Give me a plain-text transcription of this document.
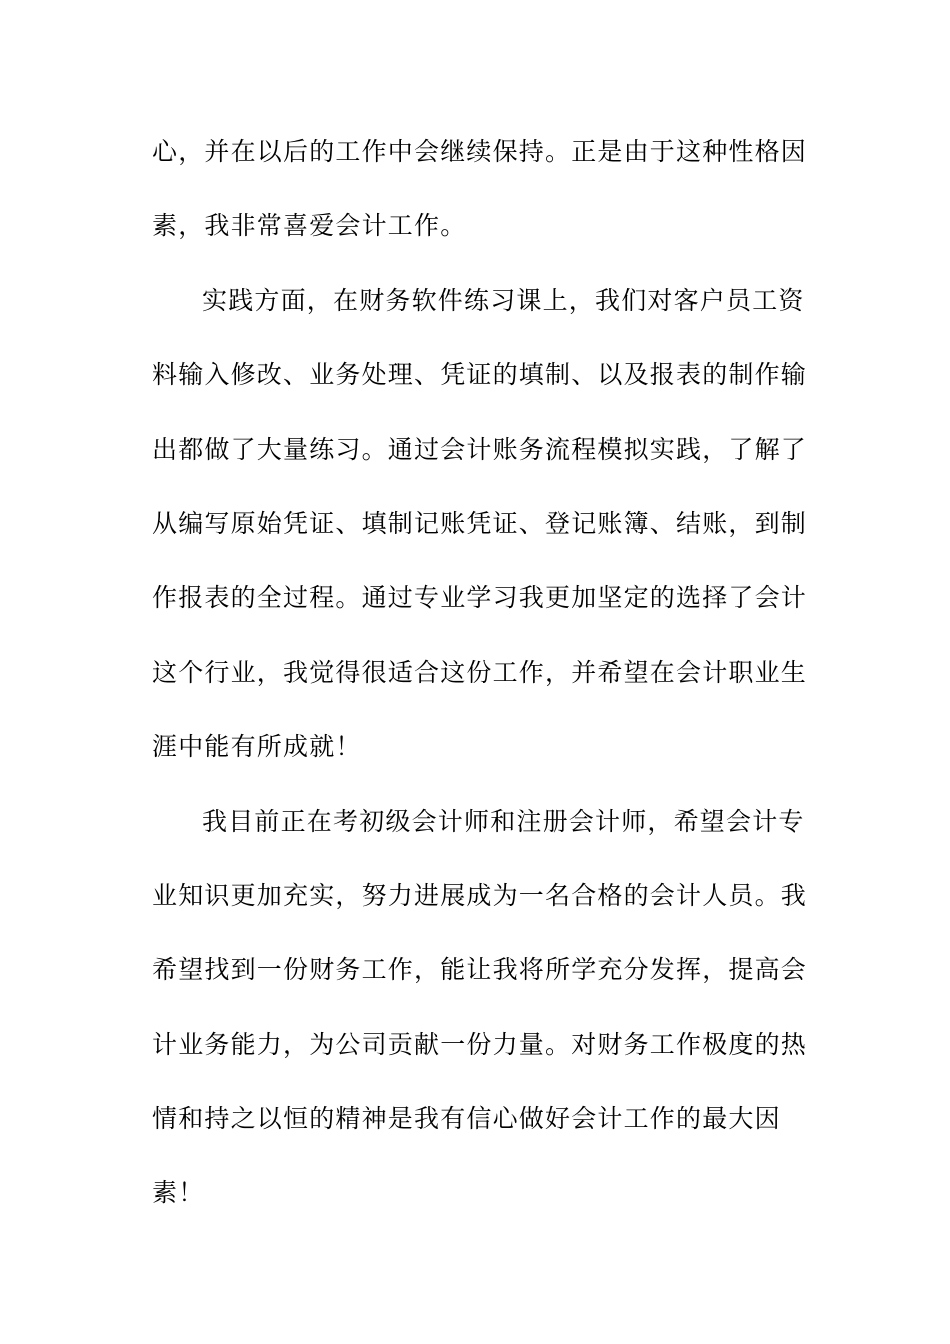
心，并在以后的工作中会继续保持。正是由于这种性格因
素，我非常喜爱会计工作。
实践方面，在财务软件练习课上，我们对客户员工资
料输入修改、业务处理、凭证的填制、以及报表的制作输
出都做了大量练习。通过会计账务流程模拟实践，了解了
从编写原始凭证、填制记账凭证、登记账簿、结账，到制
作报表的全过程。通过专业学习我更加坚定的选择了会计
这个行业，我觉得很适合这份工作，并希望在会计职业生
涯中能有所成就！
我目前正在考初级会计师和注册会计师，希望会计专
业知识更加充实，努力进展成为一名合格的会计人员。我
希望找到一份财务工作，能让我将所学充分发挥，提高会
计业务能力，为公司贡献一份力量。对财务工作极度的热
情和持之以恒的精神是我有信心做好会计工作的最大因
素！
